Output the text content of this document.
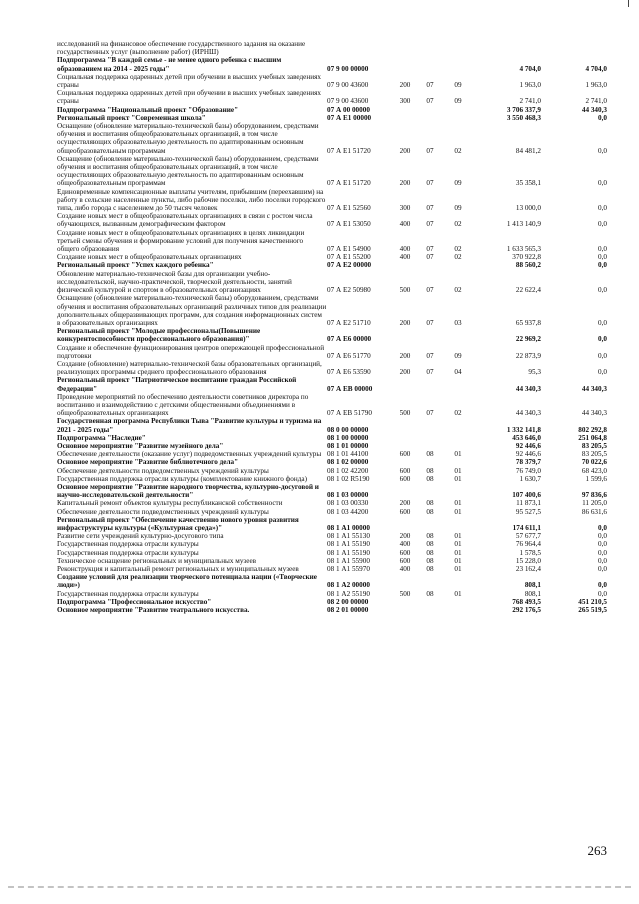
исследований на финансовое обеспечение государственного задания на оказание государственных услуг (выполнение работ) (ИРНШ)						
Подпрограмма "В каждой семье - не менее одного ребенка с высшим образованием на 2014 - 2025 годы"	07 9 00 00000				4 704,0	4 704,0
Социальная поддержка одаренных детей при обучении в высших учебных заведениях страны	07 9 00 43600	200	07	09	1 963,0	1 963,0
Социальная поддержка одаренных детей при обучении в высших учебных заведениях страны	07 9 00 43600	300	07	09	2 741,0	2 741,0
Подпрограмма "Национальный проект "Образование"	07 А 00 00000				3 706 337,9	44 340,3
Региональный проект "Современная школа"	07 А Е1 00000				3 550 468,3	0,0
Оснащение (обновление материально-технической базы) оборудованием, средствами обучения и воспитания общеобразовательных организаций, в том числе осуществляющих образовательную деятельность по адаптированным основным общеобразовательным программам	07 А Е1 51720	200	07	02	84 481,2	0,0
Оснащение (обновление материально-технической базы) оборудованием, средствами обучения и воспитания общеобразовательных организаций, в том числе осуществляющих образовательную деятельность по адаптированным основным общеобразовательным программам	07 А Е1 51720	200	07	09	35 358,1	0,0
Единовременные компенсационные выплаты учителям, прибывшим (переехавшим) на работу в сельские населенные пункты, либо рабочие поселки, либо поселки городского типа, либо города с населением до 50 тысяч человек	07 А Е1 52560	300	07	09	13 000,0	0,0
Создание новых мест в общеобразовательных организациях в связи с ростом числа обучающихся, вызванным демографическим фактором	07 А Е1 53050	400	07	02	1 413 140,9	0,0
Создание новых мест в общеобразовательных организациях в целях ликвидации третьей смены обучения и формирование условий для получения качественного общего образования	07 А Е1 54900	400	07	02	1 633 565,3	0,0
Создание новых мест в общеобразовательных организациях	07 А Е1 55200	400	07	02	370 922,8	0,0
Региональный проект "Успех каждого ребенка"	07 А Е2 00000				88 560,2	0,0
Обновление материально-технической базы для организации учебно-исследовательской, научно-практической, творческой деятельности, занятий физической культурой и спортом в образовательных организациях	07 А Е2 50980	500	07	02	22 622,4	0,0
Оснащение (обновление материально-технической базы) оборудованием, средствами обучения и воспитания образовательных организаций различных типов для реализации дополнительных общеразвивающих программ, для создания информационных систем в образовательных организациях	07 А Е2 51710	200	07	03	65 937,8	0,0
Региональный проект "Молодые профессионалы(Повышение конкурентоспособности профессионального образования)"	07 А Е6 00000				22 969,2	0,0
Создание и обеспечение функционирования центров опережающей профессиональной подготовки	07 А Е6 51770	200	07	09	22 873,9	0,0
Создание (обновление) материально-технической базы образовательных организаций, реализующих программы среднего профессионального образования	07 А Е6 53590	200	07	04	95,3	0,0
Региональный проект "Патриотическое воспитание граждан Российской Федерации"	07 А ЕВ 00000				44 340,3	44 340,3
Проведение мероприятий по обеспечению деятельности советников директора по воспитанию и взаимодействию с детскими общественными объединениями в общеобразовательных организациях	07 А ЕВ 51790	500	07	02	44 340,3	44 340,3
Государственная программа Республики Тыва "Развитие культуры и туризма на 2021 - 2025 годы"	08 0 00 00000				1 332 141,8	802 292,8
Подпрограмма "Наследие"	08 1 00 00000				453 646,0	251 064,8
Основное мероприятие "Развитие музейного дела"	08 1 01 00000				92 446,6	83 205,5
Обеспечение деятельности (оказание услуг) подведомственных учреждений культуры	08 1 01 44100	600	08	01	92 446,6	83 205,5
Основное мероприятие "Развитие библиотечного дела"	08 1 02 00000				78 379,7	70 022,6
Обеспечение деятельности подведомственных учреждений культуры	08 1 02 42200	600	08	01	76 749,0	68 423,0
Государственная поддержка отрасли культуры (комплектование книжного фонда)	08 1 02 R5190	600	08	01	1 630,7	1 599,6
Основное мероприятие "Развитие народного творчества, культурно-досуговой и научно-исследовательской деятельности"	08 1 03 00000				107 400,6	97 836,6
Капитальный ремонт объектов культуры республиканской собственности	08 1 03 00330	200	08	01	11 873,1	11 205,0
Обеспечение деятельности подведомственных учреждений культуры	08 1 03 44200	600	08	01	95 527,5	86 631,6
Региональный проект "Обеспечение качественно нового уровня развития инфраструктуры культуры («Культурная среда»)"	08 1 А1 00000				174 611,1	0,0
Развитие сети учреждений культурно-досугового типа	08 1 А1 55130	200	08	01	57 677,7	0,0
Государственная поддержка отрасли культуры	08 1 А1 55190	400	08	01	76 964,4	0,0
Государственная поддержка отрасли культуры	08 1 А1 55190	600	08	01	1 578,5	0,0
Техническое оснащение региональных и муниципальных музеев	08 1 А1 55900	600	08	01	15 228,0	0,0
Реконструкция и капитальный ремонт региональных и муниципальных музеев	08 1 А1 55970	400	08	01	23 162,4	0,0
Создание условий для реализации творческого потенциала нации («Творческие люди»)	08 1 А2 00000				808,1	0,0
Государственная поддержка отрасли культуры	08 1 А2 55190	500	08	01	808,1	0,0
Подпрограмма "Профессиональное искусство"	08 2 00 00000				768 493,5	451 210,5
Основное мероприятие "Развитие театрального искусства.	08 2 01 00000				292 176,5	265 519,5
263
